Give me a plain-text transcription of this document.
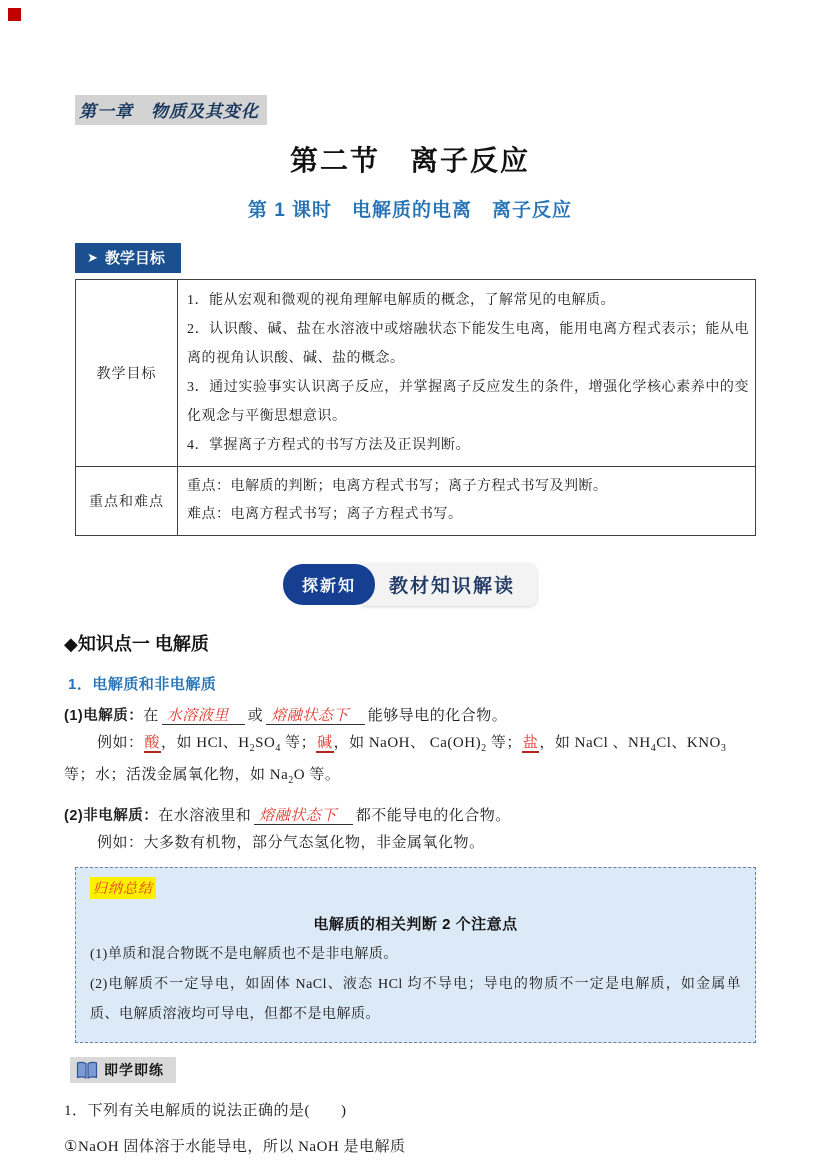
第一章　物质及其变化
第二节　离子反应
第 1 课时　电解质的电离　离子反应
➤ 教学目标
教学目标	1．能从宏观和微观的视角理解电解质的概念，了解常见的电解质。

2．认识酸、碱、盐在水溶液中或熔融状态下能发生电离，能用电离方程式表示；能从电离的视角认识酸、碱、盐的概念。

3．通过实验事实认识离子反应，并掌握离子反应发生的条件，增强化学核心素养中的变化观念与平衡思想意识。

4．掌握离子方程式的书写方法及正误判断。

重点和难点	重点：电解质的判断；电离方程式书写；离子方程式书写及判断。

难点：电离方程式书写；离子方程式书写。

探新知	教材知识解读
◆知识点一 电解质
1．电解质和非电解质

(1)电解质：在 水溶液里 或 熔融状态下 能够导电的化合物。

例如：酸，如 HCl、$H_2SO_4$ 等；碱，如 NaOH、 $Ca(OH)_2$ 等；盐，如 NaCl 、$NH_4Cl$、$KNO_3$ 等；水；活泼金属氧化物，如 $Na_2O$ 等。

(2)非电解质：在水溶液里和 熔融状态下 都不能导电的化合物。

例如：大多数有机物，部分气态氢化物，非金属氧化物。

归纳总结
电解质的相关判断 2 个注意点

(1)单质和混合物既不是电解质也不是非电解质。

(2)电解质不一定导电，如固体 NaCl、液态 HCl 均不导电；导电的物质不一定是电解质，如金属单质、电解质溶液均可导电，但都不是电解质。

即学即练

1．下列有关电解质的说法正确的是(　　)

①NaOH 固体溶于水能导电，所以 NaOH 是电解质
